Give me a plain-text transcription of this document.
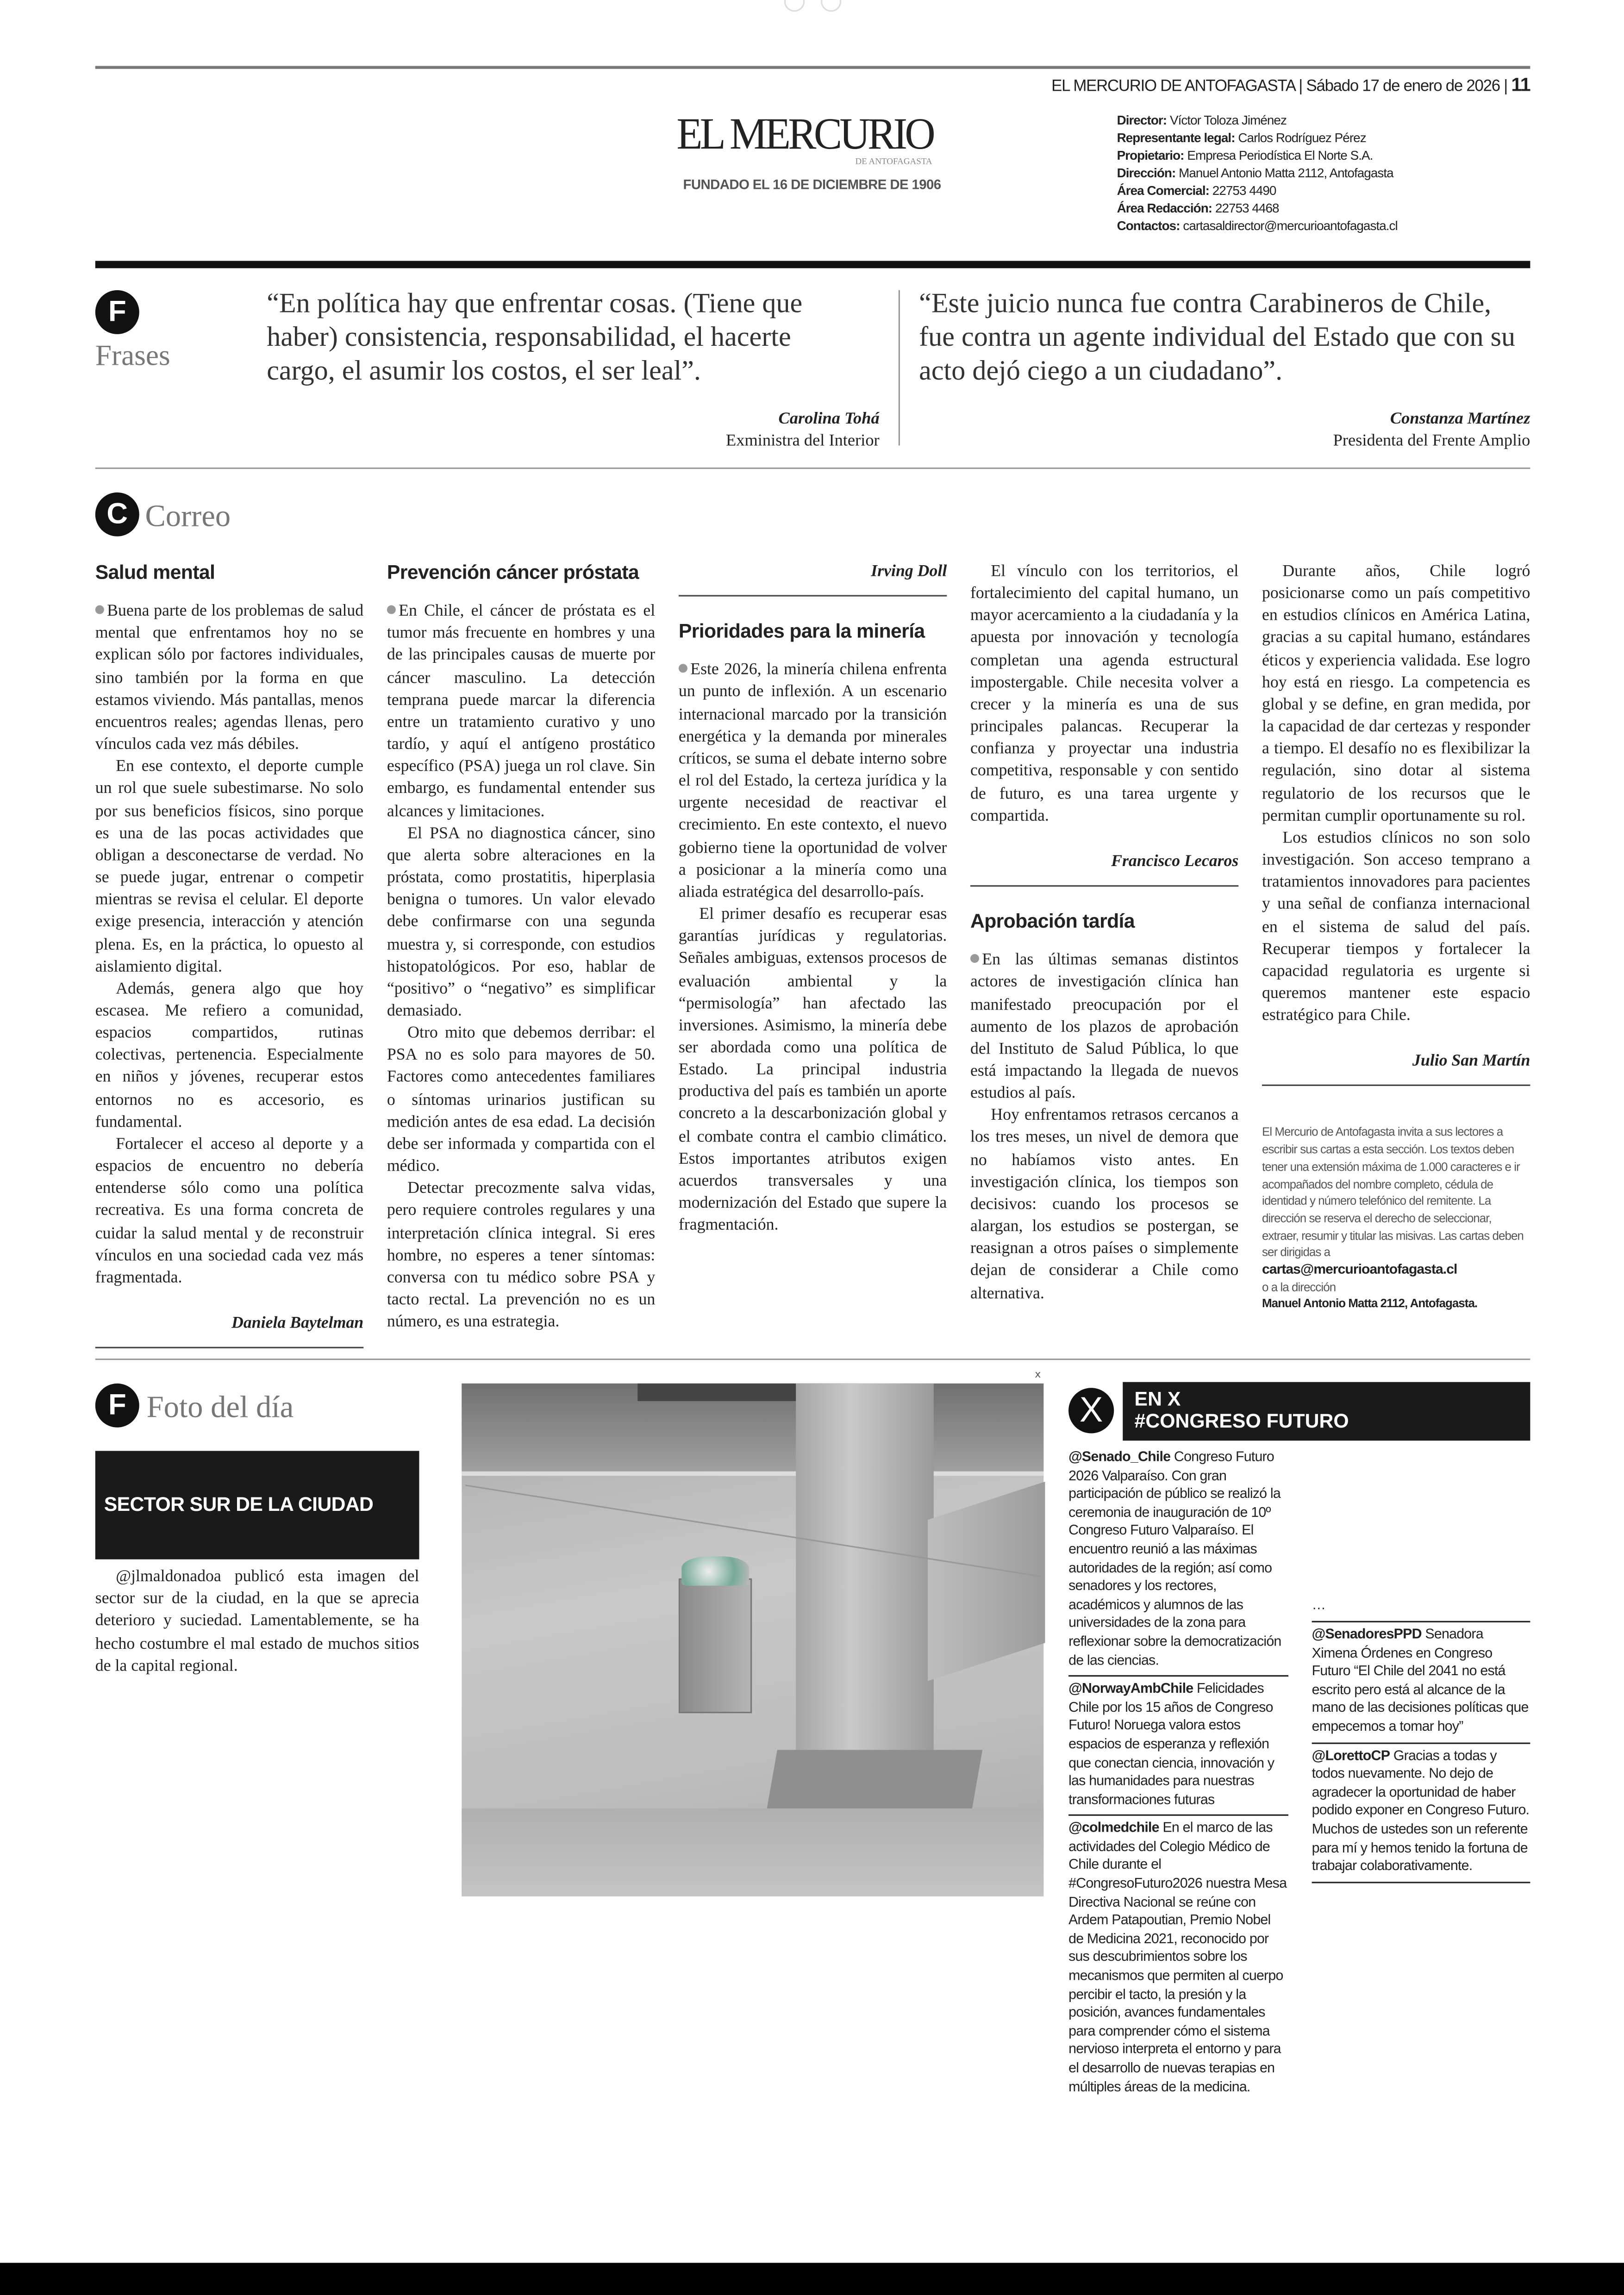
EL MERCURIO DE ANTOFAGASTA | Sábado 17 de enero de 2026 | 11
EL MERCURIO
DE ANTOFAGASTA
FUNDADO EL 16 DE DICIEMBRE DE 1906
Director: Víctor Toloza Jiménez
Representante legal: Carlos Rodríguez Pérez
Propietario: Empresa Periodística El Norte S.A.
Dirección: Manuel Antonio Matta 2112, Antofagasta
Área Comercial: 22753 4490
Área Redacción: 22753 4468
Contactos: cartasaldirector@mercurioantofagasta.cl
F
Frases
“En política hay que enfrentar cosas. (Tiene que haber) consistencia, responsabilidad, el hacerte cargo, el asumir los costos, el ser leal”.
Carolina Tohá
Exministra del Interior
“Este juicio nunca fue contra Carabineros de Chile, fue contra un agente individual del Estado que con su acto dejó ciego a un ciudadano”.
Constanza Martínez
Presidenta del Frente Amplio
C	Correo
Salud mental

Buena parte de los problemas de salud mental que enfrentamos hoy no se explican sólo por factores individuales, sino también por la forma en que estamos viviendo. Más pantallas, menos encuentros reales; agendas llenas, pero vínculos cada vez más débiles.

En ese contexto, el deporte cumple un rol que suele subestimarse. No solo por sus beneficios físicos, sino porque es una de las pocas actividades que obligan a desconectarse de verdad. No se puede jugar, entrenar o competir mientras se revisa el celular. El deporte exige presencia, interacción y atención plena. Es, en la práctica, lo opuesto al aislamiento digital.

Además, genera algo que hoy escasea. Me refiero a comunidad, espacios compartidos, rutinas colectivas, pertenencia. Especialmente en niños y jóvenes, recuperar estos entornos no es accesorio, es fundamental.

Fortalecer el acceso al deporte y a espacios de encuentro no debería entenderse sólo como una política recreativa. Es una forma concreta de cuidar la salud mental y de reconstruir vínculos en una sociedad cada vez más fragmentada.

Daniela Baytelman
Prevención cáncer próstata

En Chile, el cáncer de próstata es el tumor más frecuente en hombres y una de las principales causas de muerte por cáncer masculino. La detección temprana puede marcar la diferencia entre un tratamiento curativo y uno tardío, y aquí el antígeno prostático específico (PSA) juega un rol clave. Sin embargo, es fundamental entender sus alcances y limitaciones.

El PSA no diagnostica cáncer, sino que alerta sobre alteraciones en la próstata, como prostatitis, hiperplasia benigna o tumores. Un valor elevado debe confirmarse con una segunda muestra y, si corresponde, con estudios histopatológicos. Por eso, hablar de “positivo” o “negativo” es simplificar demasiado.

Otro mito que debemos derribar: el PSA no es solo para mayores de 50. Factores como antecedentes familiares o síntomas urinarios justifican su medición antes de esa edad. La decisión debe ser informada y compartida con el médico.

Detectar precozmente salva vidas, pero requiere controles regulares y una interpretación clínica integral. Si eres hombre, no esperes a tener síntomas: conversa con tu médico sobre PSA y tacto rectal. La prevención no es un número, es una estrategia.

Irving Doll
Prioridades para la minería

Este 2026, la minería chilena enfrenta un punto de inflexión. A un escenario internacional marcado por la transición energética y la demanda por minerales críticos, se suma el debate interno sobre el rol del Estado, la certeza jurídica y la urgente necesidad de reactivar el crecimiento. En este contexto, el nuevo gobierno tiene la oportunidad de volver a posicionar a la minería como una aliada estratégica del desarrollo-país.

El primer desafío es recuperar esas garantías jurídicas y regulatorias. Señales ambiguas, extensos procesos de evaluación ambiental y la “permisología” han afectado las inversiones. Asimismo, la minería debe ser abordada como una política de Estado. La principal industria productiva del país es también un aporte concreto a la descarbonización global y el combate contra el cambio climático. Estos importantes atributos exigen acuerdos transversales y una modernización del Estado que supere la fragmentación.

El vínculo con los territorios, el fortalecimiento del capital humano, un mayor acercamiento a la ciudadanía y la apuesta por innovación y tecnología completan una agenda estructural impostergable. Chile necesita volver a crecer y la minería es una de sus principales palancas. Recuperar la confianza y proyectar una industria competitiva, responsable y con sentido de futuro, es una tarea urgente y compartida.

Francisco Lecaros
Aprobación tardía

En las últimas semanas distintos actores de investigación clínica han manifestado preocupación por el aumento de los plazos de aprobación del Instituto de Salud Pública, lo que está impactando la llegada de nuevos estudios al país.

Hoy enfrentamos retrasos cercanos a los tres meses, un nivel de demora que no habíamos visto antes. En investigación clínica, los tiempos son decisivos: cuando los procesos se alargan, los estudios se postergan, se reasignan a otros países o simplemente dejan de considerar a Chile como alternativa.

Durante años, Chile logró posicionarse como un país competitivo en estudios clínicos en América Latina, gracias a su capital humano, estándares éticos y experiencia validada. Ese logro hoy está en riesgo. La competencia es global y se define, en gran medida, por la capacidad de dar certezas y responder a tiempo. El desafío no es flexibilizar la regulación, sino dotar al sistema regulatorio de los recursos que le permitan cumplir oportunamente su rol.

Los estudios clínicos no son solo investigación. Son acceso temprano a tratamientos innovadores para pacientes y una señal de confianza internacional en el sistema de salud del país. Recuperar tiempos y fortalecer la capacidad regulatoria es urgente si queremos mantener este espacio estratégico para Chile.

Julio San Martín
El Mercurio de Antofagasta invita a sus lectores a escribir sus cartas a esta sección. Los textos deben tener una extensión máxima de 1.000 caracteres e ir acompañados del nombre completo, cédula de identidad y número telefónico del remitente. La dirección se reserva el derecho de seleccionar, extraer, resumir y titular las misivas. Las cartas deben ser dirigidas a
cartas@mercurioantofagasta.cl
o a la dirección
Manuel Antonio Matta 2112, Antofagasta.
F	Foto del día
SECTOR SUR DE LA CIUDAD
@jlmaldonadoa publicó esta imagen del sector sur de la ciudad, en la que se aprecia deterioro y suciedad. Lamentablemente, se ha hecho costumbre el mal estado de muchos sitios de la capital regional.
x
X	EN X
#CONGRESO FUTURO
@Senado_Chile Congreso Futuro 2026 Valparaíso. Con gran participación de público se realizó la ceremonia de inauguración de 10º Congreso Futuro Valparaíso. El encuentro reunió a las máximas autoridades de la región; así como senadores y los rectores, académicos y alumnos de las universidades de la zona para reflexionar sobre la democratización de las ciencias.
@NorwayAmbChile Felicidades Chile por los 15 años de Congreso Futuro! Noruega valora estos espacios de esperanza y reflexión que conectan ciencia, innovación y las humanidades para nuestras transformaciones futuras
@colmedchile En el marco de las actividades del Colegio Médico de Chile durante el #CongresoFuturo2026 nuestra Mesa Directiva Nacional se reúne con Ardem Patapoutian, Premio Nobel de Medicina 2021, reconocido por sus descubrimientos sobre los mecanismos que permiten al cuerpo percibir el tacto, la presión y la posición, avances fundamentales para comprender cómo el sistema nervioso interpreta el entorno y para el desarrollo de nuevas terapias en múltiples áreas de la medicina.
…
@SenadoresPPD Senadora Ximena Órdenes en Congreso Futuro “El Chile del 2041 no está escrito pero está al alcance de la mano de las decisiones políticas que empecemos a tomar hoy”
@LorettoCP Gracias a todas y todos nuevamente. No dejo de agradecer la oportunidad de haber podido exponer en Congreso Futuro. Muchos de ustedes son un referente para mí y hemos tenido la fortuna de trabajar colaborativamente.
